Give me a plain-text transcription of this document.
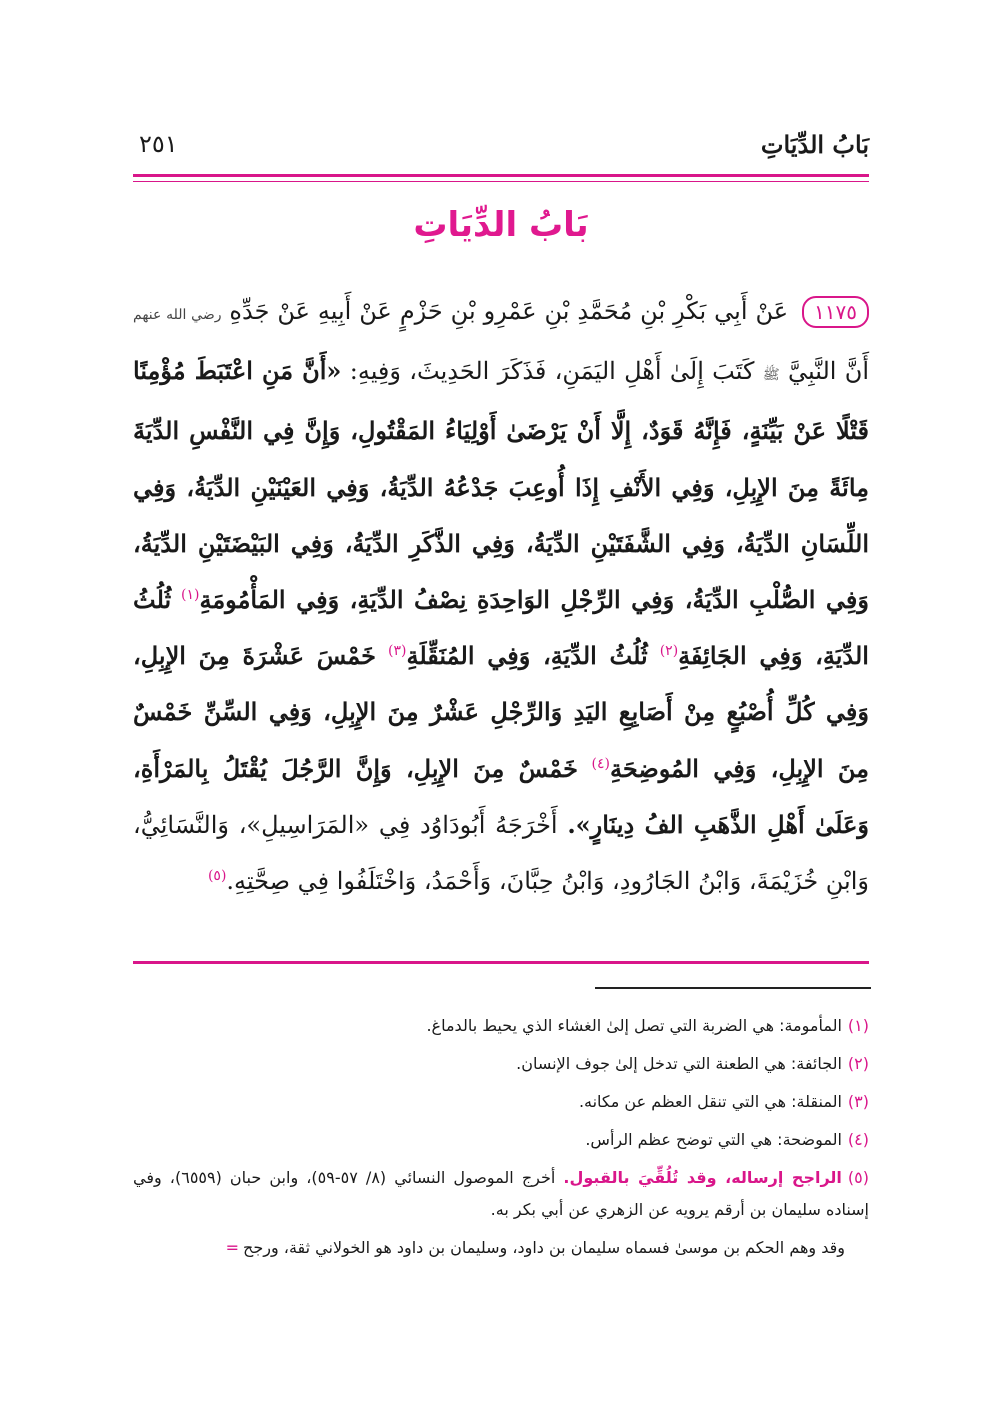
بَابُ الدِّيَاتِ
٢٥١
بَابُ الدِّيَاتِ
١١٧٥ عَنْ أَبِي بَكْرِ بْنِ مُحَمَّدِ بْنِ عَمْرِو بْنِ حَزْمٍ عَنْ أَبِيهِ عَنْ جَدِّهِ رضي الله عنهم أَنَّ النَّبِيَّ ﷺ كَتَبَ إِلَىٰ أَهْلِ اليَمَنِ، فَذَكَرَ الحَدِيثَ، وَفِيهِ: «أَنَّ مَنِ اعْتَبَطَ مُؤْمِنًا قَتْلًا عَنْ بَيِّنَةٍ، فَإِنَّهُ قَوَدٌ، إِلَّا أَنْ يَرْضَىٰ أَوْلِيَاءُ المَقْتُولِ، وَإِنَّ فِي النَّفْسِ الدِّيَةَ مِائَةً مِنَ الإِبِلِ، وَفِي الأَنْفِ إِذَا أُوعِبَ جَدْعُهُ الدِّيَةُ، وَفِي العَيْنَيْنِ الدِّيَةُ، وَفِي اللِّسَانِ الدِّيَةُ، وَفِي الشَّفَتَيْنِ الدِّيَةُ، وَفِي الذَّكَرِ الدِّيَةُ، وَفِي البَيْضَتَيْنِ الدِّيَةُ، وَفِي الصُّلْبِ الدِّيَةُ، وَفِي الرِّجْلِ الوَاحِدَةِ نِصْفُ الدِّيَةِ، وَفِي المَأْمُومَةِ$^{(١)}$ ثُلُثُ الدِّيَةِ، وَفِي الجَائِفَةِ$^{(٢)}$ ثُلُثُ الدِّيَةِ، وَفِي المُنَقِّلَةِ$^{(٣)}$ خَمْسَ عَشْرَةَ مِنَ الإِبِلِ، وَفِي كُلِّ أُصْبُعٍ مِنْ أَصَابِعِ اليَدِ وَالرِّجْلِ عَشْرٌ مِنَ الإِبِلِ، وَفِي السِّنِّ خَمْسٌ مِنَ الإِبِلِ، وَفِي المُوضِحَةِ$^{(٤)}$ خَمْسٌ مِنَ الإِبِلِ، وَإِنَّ الرَّجُلَ يُقْتَلُ بِالمَرْأَةِ، وَعَلَىٰ أَهْلِ الذَّهَبِ الفُ دِينَارٍ». أَخْرَجَهُ أَبُودَاوُد فِي «المَرَاسِيلِ»، وَالنَّسَائِيُّ، وَابْنِ خُزَيْمَةَ، وَابْنُ الجَارُودِ، وَابْنُ حِبَّانَ، وَأَحْمَدُ، وَاخْتَلَفُوا فِي صِحَّتِهِ.$^{(٥)}$

(١)المأمومة: هي الضربة التي تصل إلىٰ الغشاء الذي يحيط بالدماغ.

(٢)الجائفة: هي الطعنة التي تدخل إلىٰ جوف الإنسان.

(٣)المنقلة: هي التي تنقل العظم عن مكانه.

(٤)الموضحة: هي التي توضح عظم الرأس.

(٥)الراجح إرساله، وقد تُلُقِّيَ بالقبول. أخرج الموصول النسائي (٨/ ٥٧-٥٩)، وابن حبان (٦٥٥٩)، وفي إسناده سليمان بن أرقم يرويه عن الزهري عن أبي بكر به.

وقد وهم الحكم بن موسىٰ فسماه سليمان بن داود، وسليمان بن داود هو الخولاني ثقة، ورجح=
